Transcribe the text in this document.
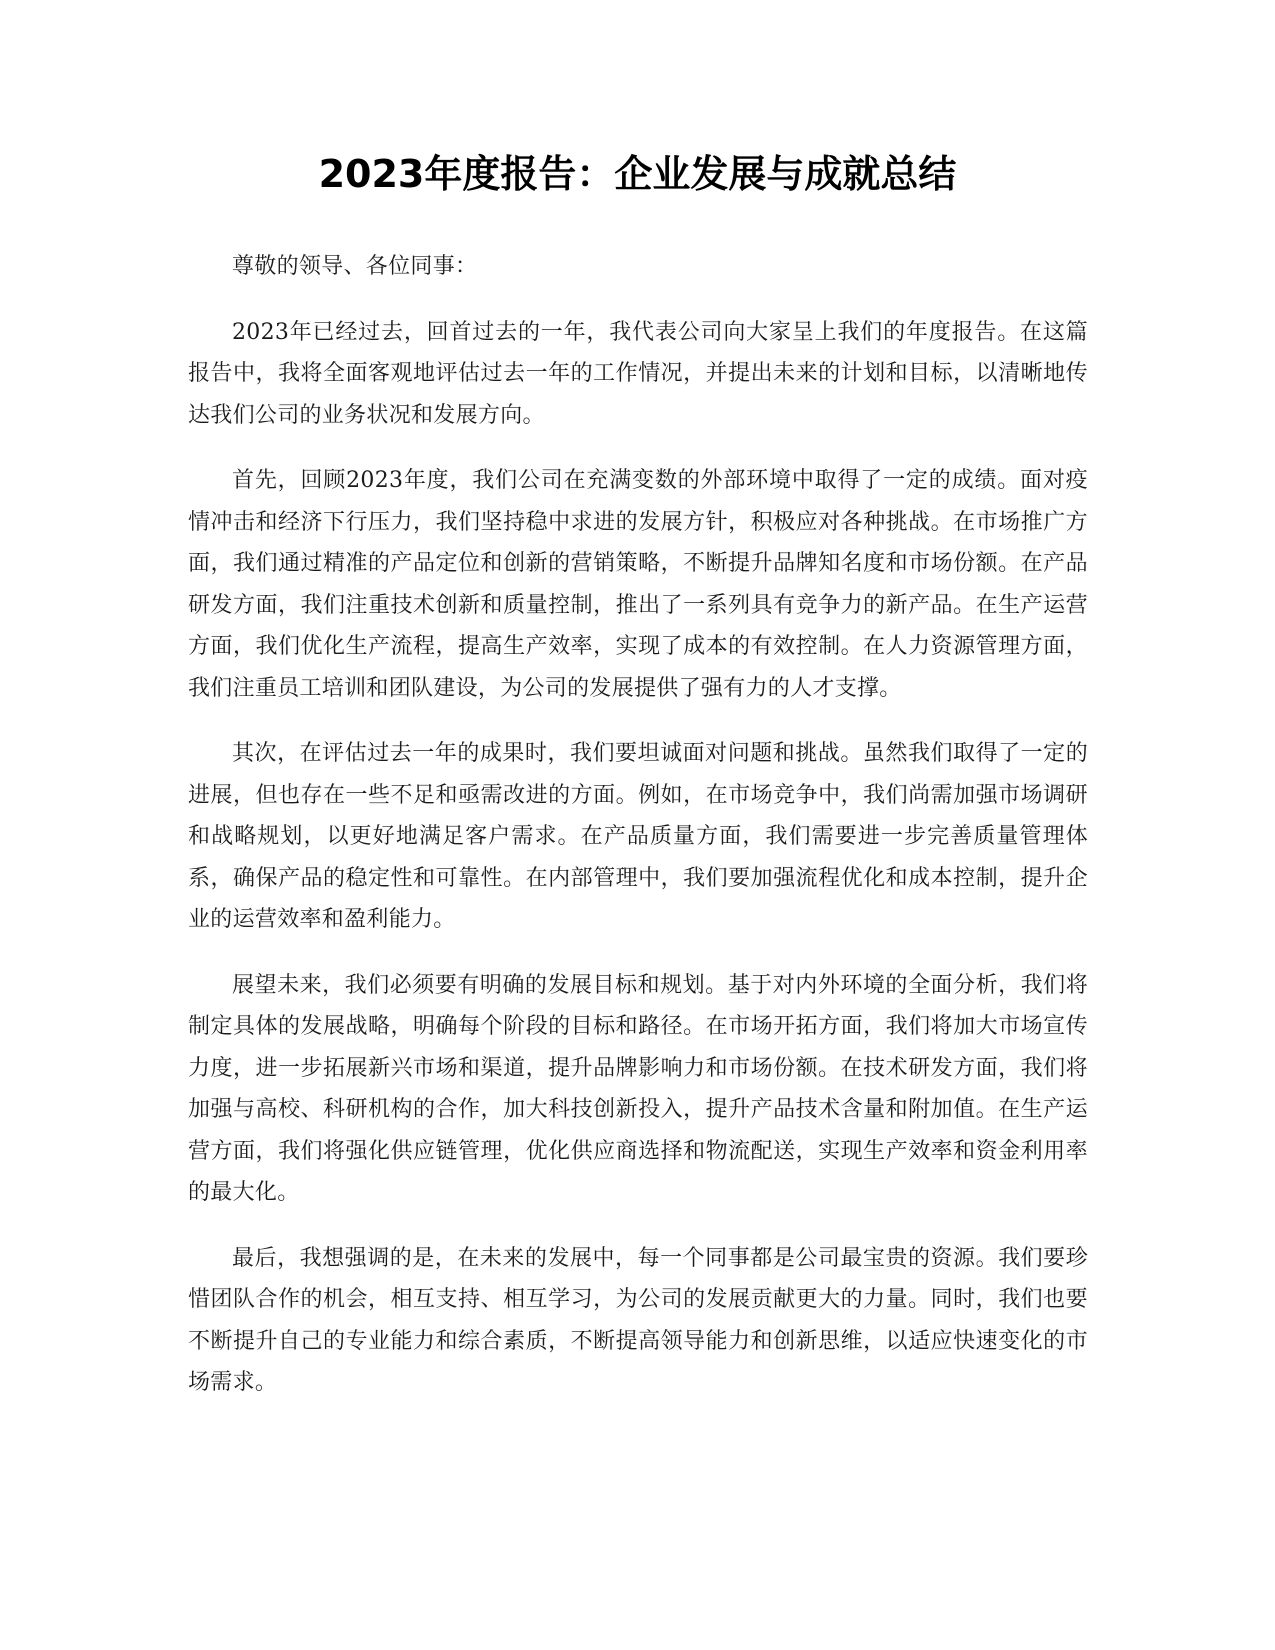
2023年度报告：企业发展与成就总结

尊敬的领导、各位同事：

2023年已经过去，回首过去的一年，我代表公司向大家呈上我们的年度报告。在这篇报告中，我将全面客观地评估过去一年的工作情况，并提出未来的计划和目标，以清晰地传达我们公司的业务状况和发展方向。

首先，回顾2023年度，我们公司在充满变数的外部环境中取得了一定的成绩。面对疫情冲击和经济下行压力，我们坚持稳中求进的发展方针，积极应对各种挑战。在市场推广方面，我们通过精准的产品定位和创新的营销策略，不断提升品牌知名度和市场份额。在产品研发方面，我们注重技术创新和质量控制，推出了一系列具有竞争力的新产品。在生产运营方面，我们优化生产流程，提高生产效率，实现了成本的有效控制。在人力资源管理方面，我们注重员工培训和团队建设，为公司的发展提供了强有力的人才支撑。

其次，在评估过去一年的成果时，我们要坦诚面对问题和挑战。虽然我们取得了一定的进展，但也存在一些不足和亟需改进的方面。例如，在市场竞争中，我们尚需加强市场调研和战略规划，以更好地满足客户需求。在产品质量方面，我们需要进一步完善质量管理体系，确保产品的稳定性和可靠性。在内部管理中，我们要加强流程优化和成本控制，提升企业的运营效率和盈利能力。

展望未来，我们必须要有明确的发展目标和规划。基于对内外环境的全面分析，我们将制定具体的发展战略，明确每个阶段的目标和路径。在市场开拓方面，我们将加大市场宣传力度，进一步拓展新兴市场和渠道，提升品牌影响力和市场份额。在技术研发方面，我们将加强与高校、科研机构的合作，加大科技创新投入，提升产品技术含量和附加值。在生产运营方面，我们将强化供应链管理，优化供应商选择和物流配送，实现生产效率和资金利用率的最大化。

最后，我想强调的是，在未来的发展中，每一个同事都是公司最宝贵的资源。我们要珍惜团队合作的机会，相互支持、相互学习，为公司的发展贡献更大的力量。同时，我们也要不断提升自己的专业能力和综合素质，不断提高领导能力和创新思维，以适应快速变化的市场需求。
